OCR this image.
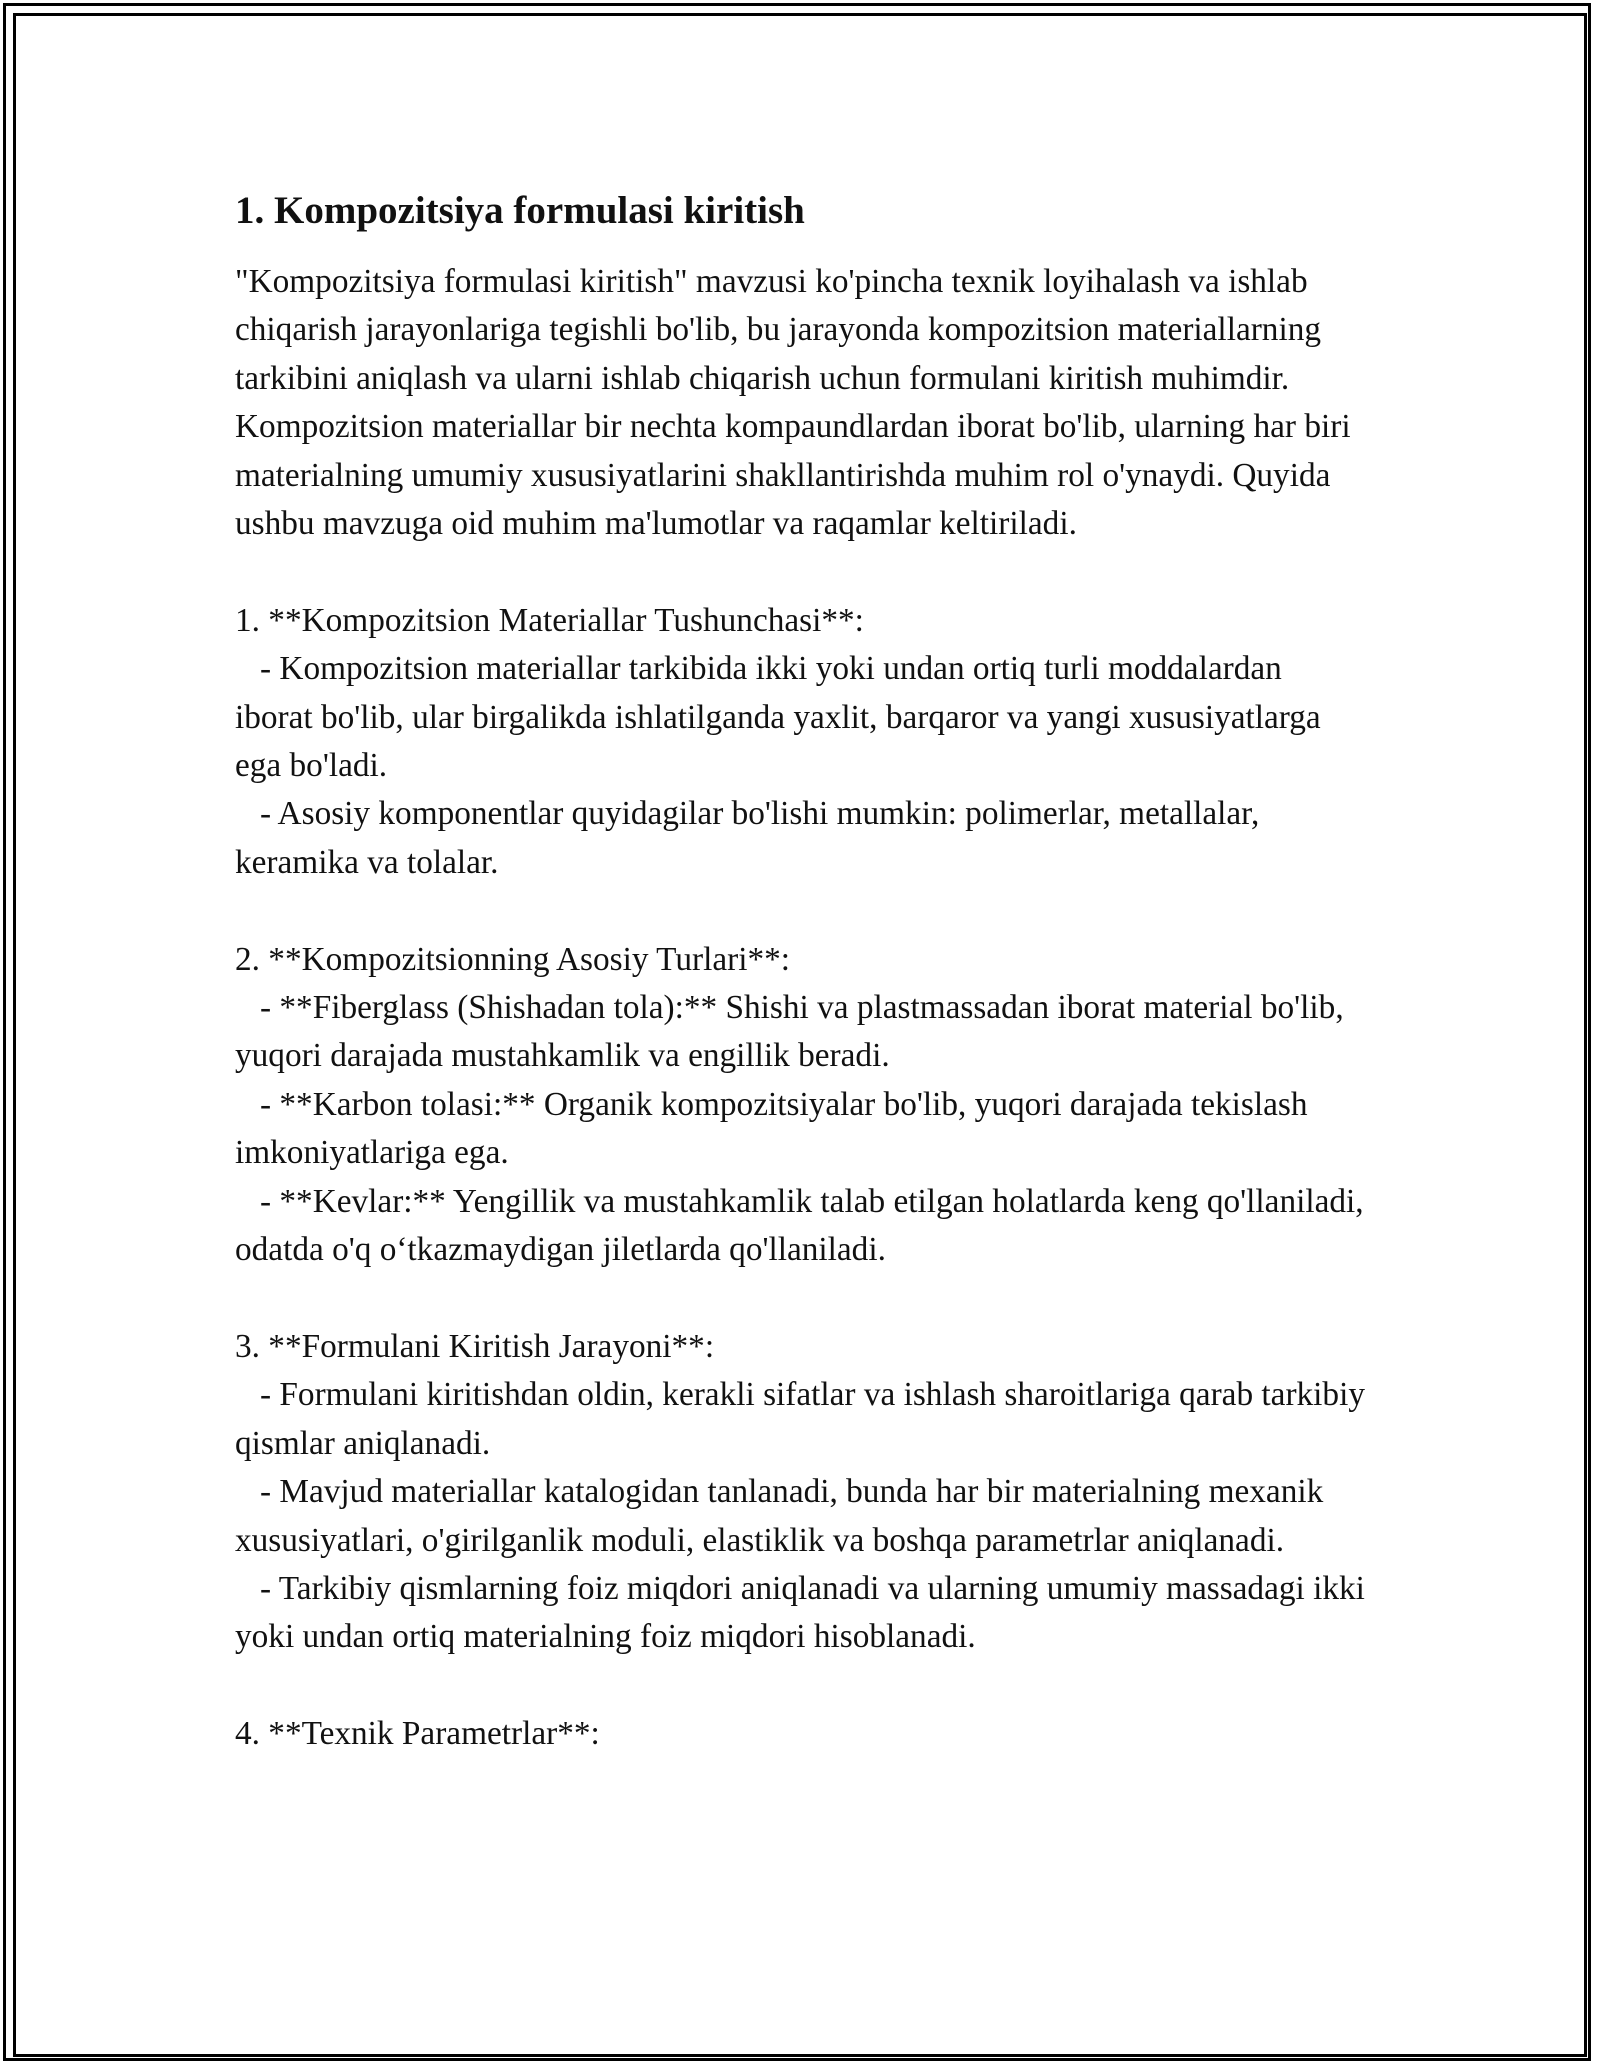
1. Kompozitsiya formulasi kiritish

"Kompozitsiya formulasi kiritish" mavzusi ko'pincha texnik loyihalash va ishlab chiqarish jarayonlariga tegishli bo'lib, bu jarayonda kompozitsion materiallarning tarkibini aniqlash va ularni ishlab chiqarish uchun formulani kiritish muhimdir. Kompozitsion materiallar bir nechta kompaundlardan iborat bo'lib, ularning har biri materialning umumiy xususiyatlarini shakllantirishda muhim rol o'ynaydi. Quyida ushbu mavzuga oid muhim ma'lumotlar va raqamlar keltiriladi.

1. **Kompozitsion Materiallar Tushunchasi**:

- Kompozitsion materiallar tarkibida ikki yoki undan ortiq turli moddalardan iborat bo'lib, ular birgalikda ishlatilganda yaxlit, barqaror va yangi xususiyatlarga ega bo'ladi.

- Asosiy komponentlar quyidagilar bo'lishi mumkin: polimerlar, metallalar, keramika va tolalar.

2. **Kompozitsionning Asosiy Turlari**:

- **Fiberglass (Shishadan tola):** Shishi va plastmassadan iborat material bo'lib, yuqori darajada mustahkamlik va engillik beradi.

- **Karbon tolasi:** Organik kompozitsiyalar bo'lib, yuqori darajada tekislash imkoniyatlariga ega.

- **Kevlar:** Yengillik va mustahkamlik talab etilgan holatlarda keng qo'llaniladi, odatda o'q o‘tkazmaydigan jiletlarda qo'llaniladi.

3. **Formulani Kiritish Jarayoni**:

- Formulani kiritishdan oldin, kerakli sifatlar va ishlash sharoitlariga qarab tarkibiy qismlar aniqlanadi.

- Mavjud materiallar katalogidan tanlanadi, bunda har bir materialning mexanik xususiyatlari, o'girilganlik moduli, elastiklik va boshqa parametrlar aniqlanadi.

- Tarkibiy qismlarning foiz miqdori aniqlanadi va ularning umumiy massadagi ikki yoki undan ortiq materialning foiz miqdori hisoblanadi.

4. **Texnik Parametrlar**:
